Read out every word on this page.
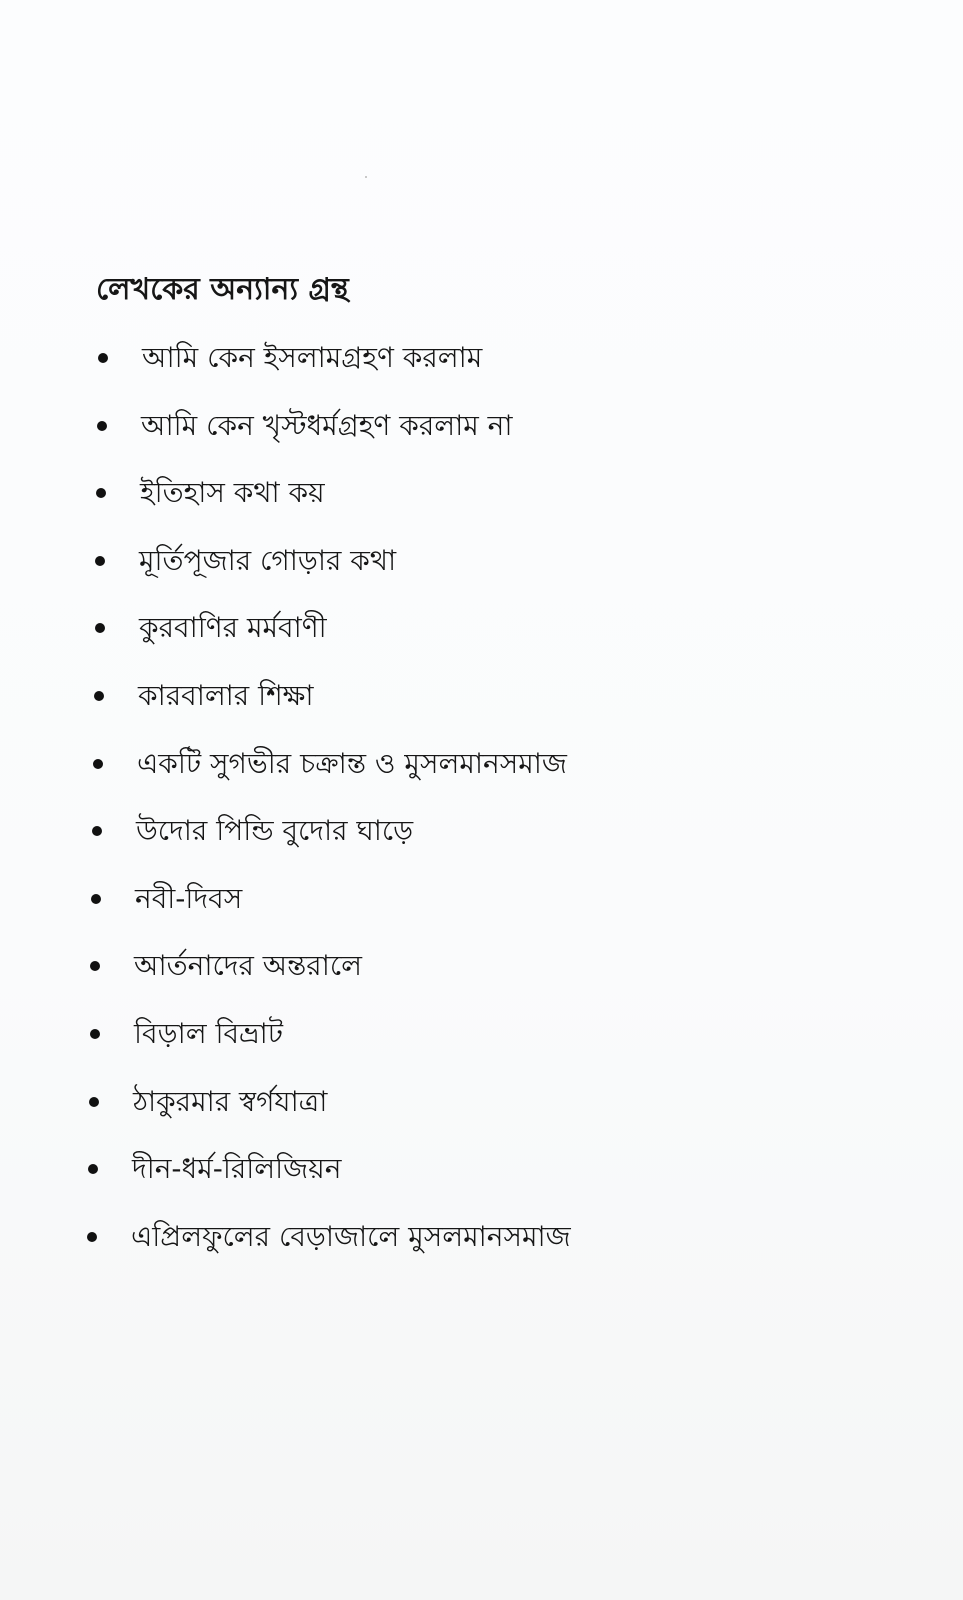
লেখকের অন্যান্য গ্রন্থ
আমি কেন ইসলামগ্রহণ করলাম
আমি কেন খৃস্টধর্মগ্রহণ করলাম না
ইতিহাস কথা কয়
মূর্তিপূজার গোড়ার কথা
কুরবাণির মর্মবাণী
কারবালার শিক্ষা
একটি সুগভীর চক্রান্ত ও মুসলমানসমাজ
উদোর পিন্ডি বুদোর ঘাড়ে
নবী-দিবস
আর্তনাদের অন্তরালে
বিড়াল বিভ্রাট
ঠাকুরমার স্বর্গযাত্রা
দীন-ধর্ম-রিলিজিয়ন
এপ্রিলফুলের বেড়াজালে মুসলমানসমাজ
